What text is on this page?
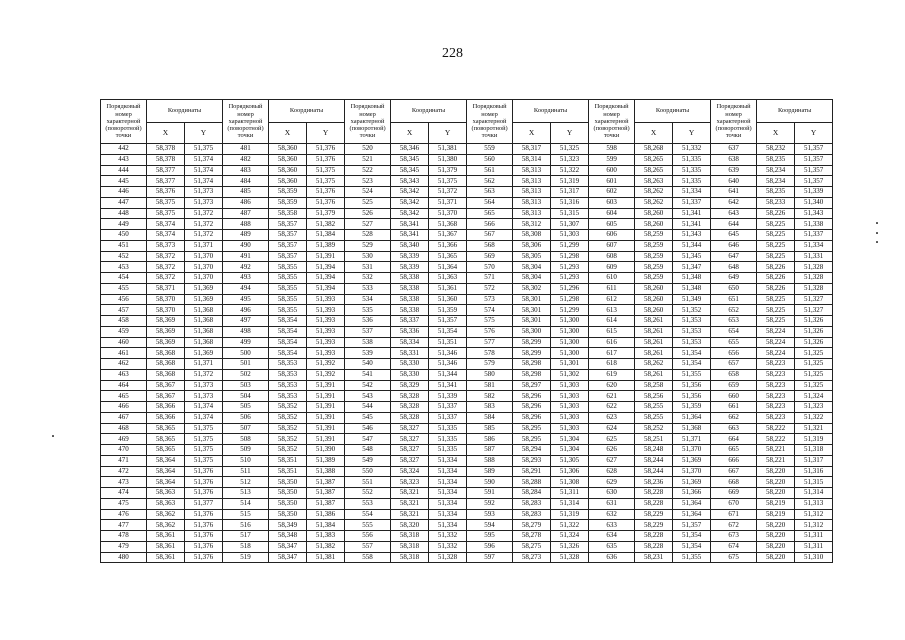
228
Порядковый номер характерной (поворотной) точки	Координаты		Порядковый номер характерной (поворотной) точки	Координаты		Порядковый номер характерной (поворотной) точки	Координаты		Порядковый номер характерной (поворотной) точки	Координаты		Порядковый номер характерной (поворотной) точки	Координаты		Порядковый номер характерной (поворотной) точки	Координаты	
	X	Y		X	Y		X	Y		X	Y		X	Y		X	Y
442	58,378	51,375	481	58,360	51,376	520	58,346	51,381	559	58,317	51,325	598	58,268	51,332	637	58,232	51,357
443	58,378	51,374	482	58,360	51,376	521	58,345	51,380	560	58,314	51,323	599	58,265	51,335	638	58,235	51,357
444	58,377	51,374	483	58,360	51,375	522	58,345	51,379	561	58,313	51,322	600	58,265	51,335	639	58,234	51,357
445	58,377	51,374	484	58,360	51,375	523	58,343	51,375	562	58,313	51,319	601	58,263	51,335	640	58,234	51,357
446	58,376	51,373	485	58,359	51,376	524	58,342	51,372	563	58,313	51,317	602	58,262	51,334	641	58,235	51,339
447	58,375	51,373	486	58,359	51,376	525	58,342	51,371	564	58,313	51,316	603	58,262	51,337	642	58,233	51,340
448	58,375	51,372	487	58,358	51,379	526	58,342	51,370	565	58,313	51,315	604	58,260	51,341	643	58,226	51,343
449	58,374	51,372	488	58,357	51,382	527	58,341	51,368	566	58,312	51,307	605	58,260	51,341	644	58,225	51,338
450	58,374	51,372	489	58,357	51,384	528	58,341	51,367	567	58,308	51,303	606	58,259	51,343	645	58,225	51,337
451	58,373	51,371	490	58,357	51,389	529	58,340	51,366	568	58,306	51,299	607	58,259	51,344	646	58,225	51,334
452	58,372	51,370	491	58,357	51,391	530	58,339	51,365	569	58,305	51,298	608	58,259	51,345	647	58,225	51,331
453	58,372	51,370	492	58,355	51,394	531	58,339	51,364	570	58,304	51,293	609	58,259	51,347	648	58,226	51,328
454	58,372	51,370	493	58,355	51,394	532	58,338	51,363	571	58,304	51,293	610	58,259	51,348	649	58,226	51,328
455	58,371	51,369	494	58,355	51,394	533	58,338	51,361	572	58,302	51,296	611	58,260	51,348	650	58,226	51,328
456	58,370	51,369	495	58,355	51,393	534	58,338	51,360	573	58,301	51,298	612	58,260	51,349	651	58,225	51,327
457	58,370	51,368	496	58,355	51,393	535	58,338	51,359	574	58,301	51,299	613	58,260	51,352	652	58,225	51,327
458	58,369	51,368	497	58,354	51,393	536	58,337	51,357	575	58,301	51,300	614	58,261	51,353	653	58,225	51,326
459	58,369	51,368	498	58,354	51,393	537	58,336	51,354	576	58,300	51,300	615	58,261	51,353	654	58,224	51,326
460	58,369	51,368	499	58,354	51,393	538	58,334	51,351	577	58,299	51,300	616	58,261	51,353	655	58,224	51,326
461	58,368	51,369	500	58,354	51,393	539	58,331	51,346	578	58,299	51,300	617	58,261	51,354	656	58,224	51,325
462	58,368	51,371	501	58,353	51,392	540	58,330	51,346	579	58,298	51,301	618	58,262	51,354	657	58,223	51,325
463	58,368	51,372	502	58,353	51,392	541	58,330	51,344	580	58,298	51,302	619	58,261	51,355	658	58,223	51,325
464	58,367	51,373	503	58,353	51,391	542	58,329	51,341	581	58,297	51,303	620	58,258	51,356	659	58,223	51,325
465	58,367	51,373	504	58,353	51,391	543	58,328	51,339	582	58,296	51,303	621	58,256	51,356	660	58,223	51,324
466	58,366	51,374	505	58,352	51,391	544	58,328	51,337	583	58,296	51,303	622	58,255	51,359	661	58,223	51,323
467	58,366	51,374	506	58,352	51,391	545	58,328	51,337	584	58,296	51,303	623	58,255	51,364	662	58,223	51,322
468	58,365	51,375	507	58,352	51,391	546	58,327	51,335	585	58,295	51,303	624	58,252	51,368	663	58,222	51,321
469	58,365	51,375	508	58,352	51,391	547	58,327	51,335	586	58,295	51,304	625	58,251	51,371	664	58,222	51,319
470	58,365	51,375	509	58,352	51,390	548	58,327	51,335	587	58,294	51,304	626	58,248	51,370	665	58,221	51,318
471	58,364	51,375	510	58,351	51,389	549	58,327	51,334	588	58,293	51,305	627	58,244	51,369	666	58,221	51,317
472	58,364	51,376	511	58,351	51,388	550	58,324	51,334	589	58,291	51,306	628	58,244	51,370	667	58,220	51,316
473	58,364	51,376	512	58,350	51,387	551	58,323	51,334	590	58,288	51,308	629	58,236	51,369	668	58,220	51,315
474	58,363	51,376	513	58,350	51,387	552	58,321	51,334	591	58,284	51,311	630	58,228	51,366	669	58,220	51,314
475	58,363	51,377	514	58,350	51,387	553	58,321	51,334	592	58,283	51,314	631	58,228	51,364	670	58,219	51,313
476	58,362	51,376	515	58,350	51,386	554	58,321	51,334	593	58,283	51,319	632	58,229	51,364	671	58,219	51,312
477	58,362	51,376	516	58,349	51,384	555	58,320	51,334	594	58,279	51,322	633	58,229	51,357	672	58,220	51,312
478	58,361	51,376	517	58,348	51,383	556	58,318	51,332	595	58,278	51,324	634	58,228	51,354	673	58,220	51,311
479	58,361	51,376	518	58,347	51,382	557	58,318	51,332	596	58,275	51,326	635	58,228	51,354	674	58,220	51,311
480	58,361	51,376	519	58,347	51,381	558	58,318	51,328	597	58,273	51,328	636	58,231	51,355	675	58,220	51,310
